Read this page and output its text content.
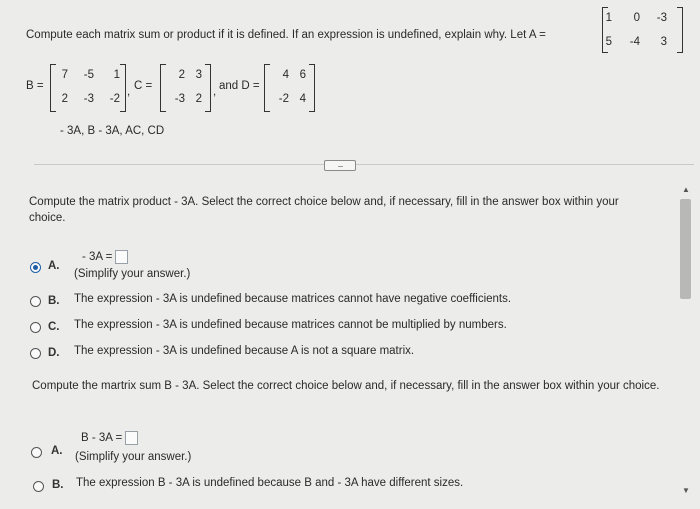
Compute each matrix sum or product if it is defined. If an expression is undefined, explain why. Let A =
1	0	-3
5	-4	3
B =
7	-5	1
2	-3	-2
, C =
2 3
-3 2
, and D =
4 6
-2 4
- 3A, B - 3A, AC, CD
.....
Compute the matrix product - 3A. Select the correct choice below and, if necessary, fill in the answer box within your choice.
A.
- 3A =
(Simplify your answer.)
B. The expression - 3A is undefined because matrices cannot have negative coefficients.
C. The expression - 3A is undefined because matrices cannot be multiplied by numbers.
D. The expression - 3A is undefined because A is not a square matrix.
Compute the martrix sum B - 3A. Select the correct choice below and, if necessary, fill in the answer box within your choice.
A.
B - 3A =
(Simplify your answer.)
B. The expression B - 3A is undefined because B and - 3A have different sizes.
▲
▼
